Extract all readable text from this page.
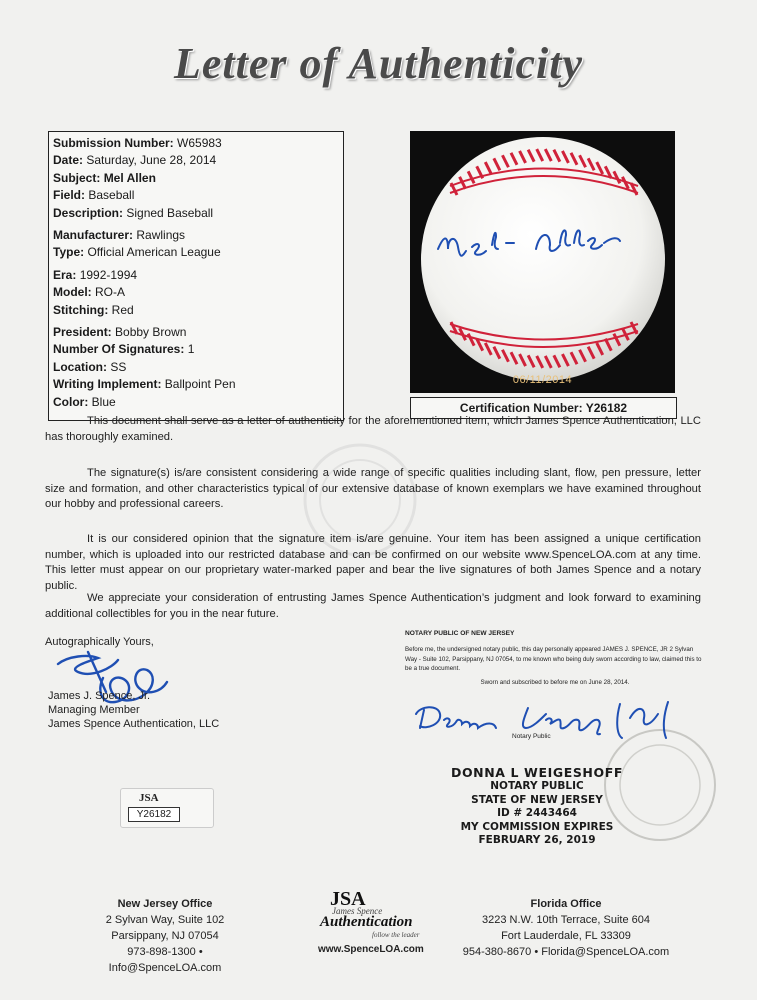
Letter of Authenticity
Submission Number: W65983
Date: Saturday, June 28, 2014
Subject: Mel Allen
Field: Baseball
Description: Signed Baseball
Manufacturer: Rawlings
Type: Official American League
Era: 1992-1994
Model: RO-A
Stitching: Red
President: Bobby Brown
Number Of Signatures: 1
Location: SS
Writing Implement: Ballpoint Pen
Color: Blue
06/11/2014
Certification Number: Y26182

This document shall serve as a letter of authenticity for the aforementioned item, which James Spence Authentication, LLC has thoroughly examined.

The signature(s) is/are consistent considering a wide range of specific qualities including slant, flow, pen pressure, letter size and formation, and other characteristics typical of our extensive database of known exemplars we have examined throughout our hobby and professional careers.

It is our considered opinion that the signature item is/are genuine. Your item has been assigned a unique certification number, which is uploaded into our restricted database and can be confirmed on our website www.SpenceLOA.com at any time. This letter must appear on our proprietary water-marked paper and bear the live signatures of both James Spence and a notary public.

We appreciate your consideration of entrusting James Spence Authentication’s judgment and look forward to examining additional collectibles for you in the near future.

Autographically Yours,
James J. Spence, Jr.
Managing Member
James Spence Authentication, LLC
JSA
Y26182
NOTARY PUBLIC OF NEW JERSEY
Before me, the undersigned notary public, this day personally appeared JAMES J. SPENCE, JR 2 Sylvan Way - Suite 102, Parsippany, NJ 07054, to me known who being duly sworn according to law, claimed this to be a true document.
Sworn and subscribed to before me on June 28, 2014.
Notary Public
DONNA L WEIGESHOFF
NOTARY PUBLIC
STATE OF NEW JERSEY
ID # 2443464
MY COMMISSION EXPIRES FEBRUARY 26, 2019
New Jersey Office
2 Sylvan Way, Suite 102
Parsippany, NJ 07054
973-898-1300 • Info@SpenceLOA.com
JSA
James Spence
Authentication
follow the leader
www.SpenceLOA.com
Florida Office
3223 N.W. 10th Terrace, Suite 604
Fort Lauderdale, FL 33309
954-380-8670 • Florida@SpenceLOA.com
